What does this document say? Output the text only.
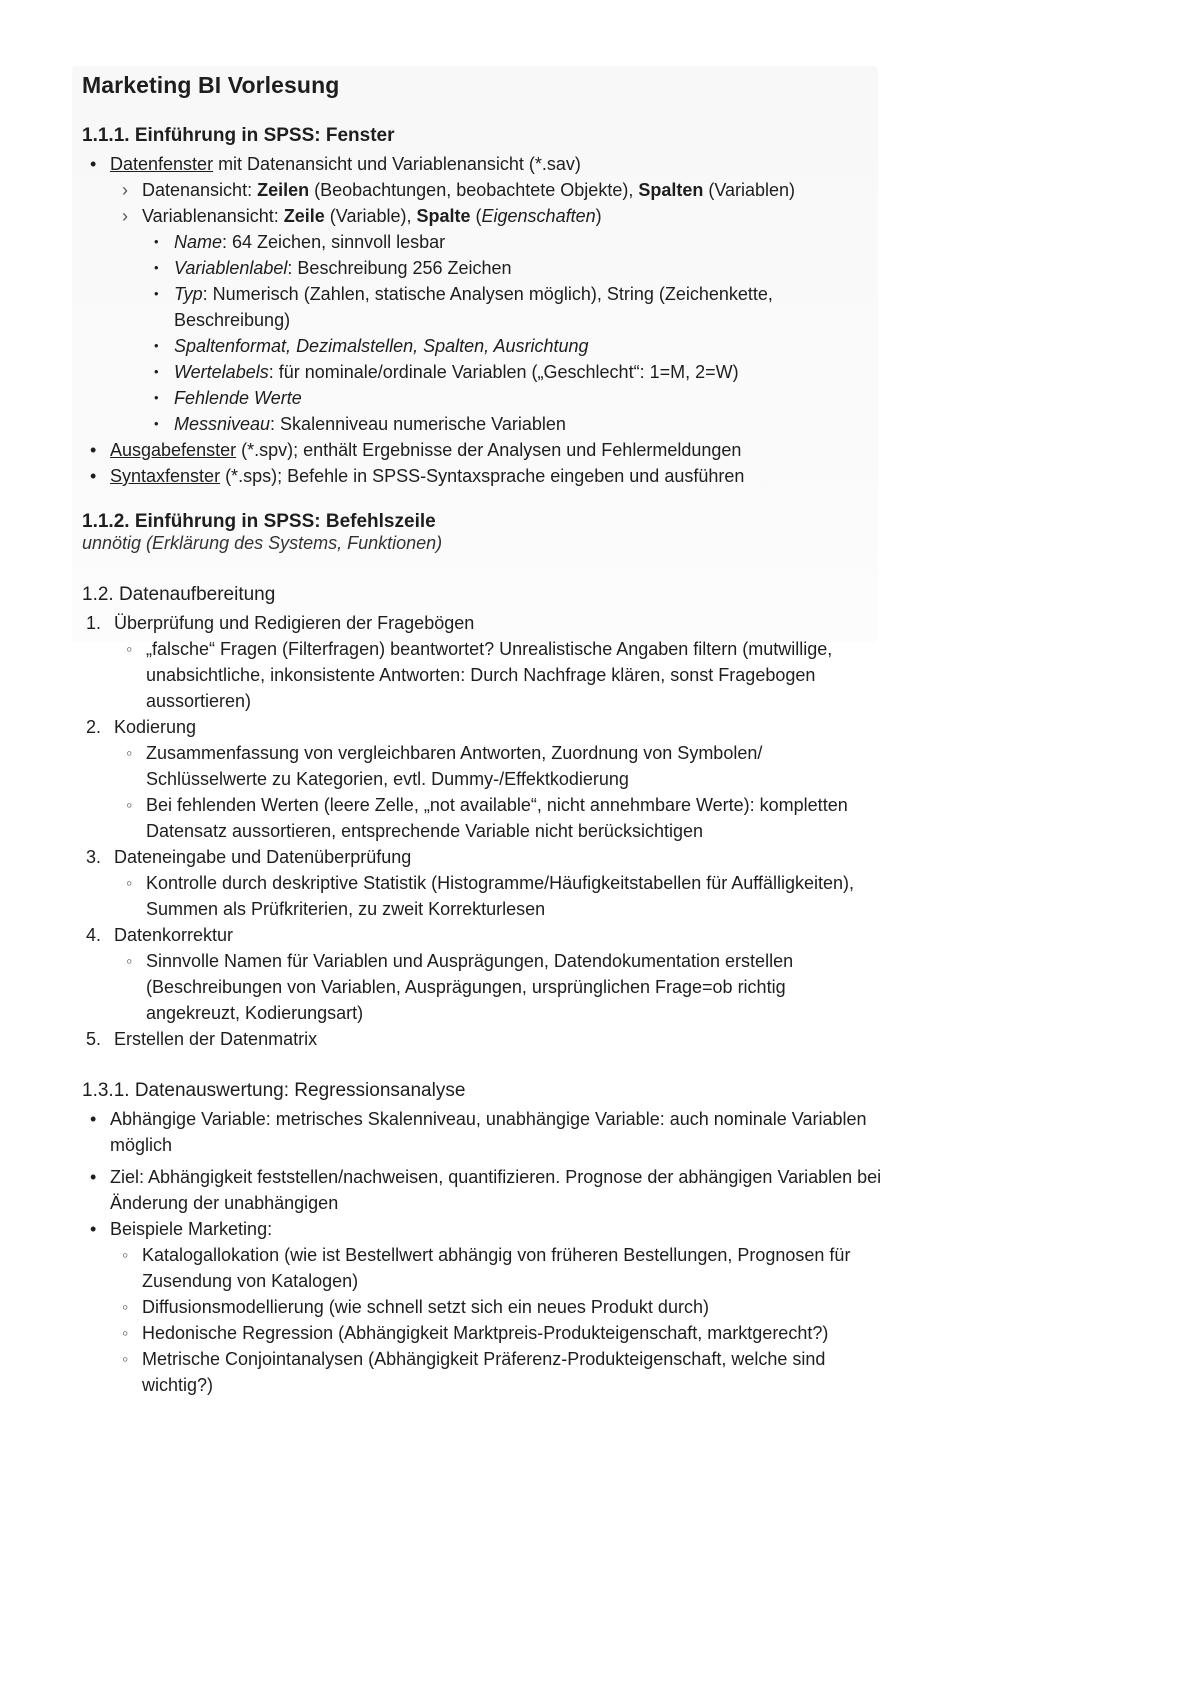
Marketing BI Vorlesung
1.1.1. Einführung in SPSS: Fenster
• Datenfenster mit Datenansicht und Variablenansicht (*.sav)
› Datenansicht: Zeilen (Beobachtungen, beobachtete Objekte), Spalten (Variablen)
› Variablenansicht: Zeile (Variable), Spalte (Eigenschaften)
• Name: 64 Zeichen, sinnvoll lesbar
• Variablenlabel: Beschreibung 256 Zeichen
• Typ: Numerisch (Zahlen, statische Analysen möglich), String (Zeichenkette, Beschreibung)
• Spaltenformat, Dezimalstellen, Spalten, Ausrichtung
• Wertelabels: für nominale/ordinale Variablen („Geschlecht“: 1=M, 2=W)
• Fehlende Werte
• Messniveau: Skalenniveau numerische Variablen
• Ausgabefenster (*.spv); enthält Ergebnisse der Analysen und Fehlermeldungen
• Syntaxfenster (*.sps); Befehle in SPSS-Syntaxsprache eingeben und ausführen
1.1.2. Einführung in SPSS: Befehlszeile

unnötig (Erklärung des Systems, Funktionen)

1.2. Datenaufbereitung
1. Überprüfung und Redigieren der Fragebögen
◦ „falsche“ Fragen (Filterfragen) beantwortet? Unrealistische Angaben filtern (mutwillige, unabsichtliche, inkonsistente Antworten: Durch Nachfrage klären, sonst Fragebogen aussortieren)
2. Kodierung
◦ Zusammenfassung von vergleichbaren Antworten, Zuordnung von Symbolen/ Schlüsselwerte zu Kategorien, evtl. Dummy-/Effektkodierung
◦ Bei fehlenden Werten (leere Zelle, „not available“, nicht annehmbare Werte): kompletten Datensatz aussortieren, entsprechende Variable nicht berücksichtigen
3. Dateneingabe und Datenüberprüfung
◦ Kontrolle durch deskriptive Statistik (Histogramme/Häufigkeitstabellen für Auffälligkeiten), Summen als Prüfkriterien, zu zweit Korrekturlesen
4. Datenkorrektur
◦ Sinnvolle Namen für Variablen und Ausprägungen, Datendokumentation erstellen (Beschreibungen von Variablen, Ausprägungen, ursprünglichen Frage=ob richtig angekreuzt, Kodierungsart)
5. Erstellen der Datenmatrix
1.3.1. Datenauswertung: Regressionsanalyse
• Abhängige Variable: metrisches Skalenniveau, unabhängige Variable: auch nominale Variablen möglich
• Ziel: Abhängigkeit feststellen/nachweisen, quantifizieren. Prognose der abhängigen Variablen bei Änderung der unabhängigen
• Beispiele Marketing:
◦ Katalogallokation (wie ist Bestellwert abhängig von früheren Bestellungen, Prognosen für Zusendung von Katalogen)
◦ Diffusionsmodellierung (wie schnell setzt sich ein neues Produkt durch)
◦ Hedonische Regression (Abhängigkeit Marktpreis-Produkteigenschaft, marktgerecht?)
◦ Metrische Conjointanalysen (Abhängigkeit Präferenz-Produkteigenschaft, welche sind wichtig?)
